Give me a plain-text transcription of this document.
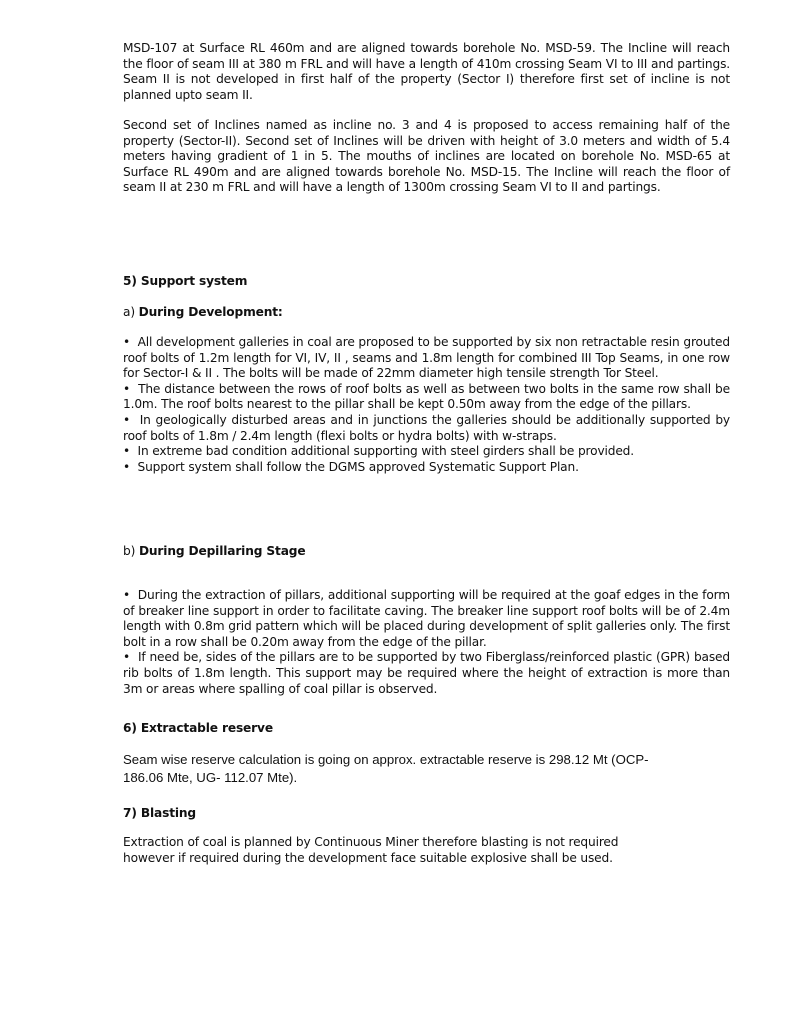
MSD-107 at Surface RL 460m and are aligned towards borehole No. MSD-59. The Incline will reach the floor of seam III at 380 m FRL and will have a length of 410m crossing Seam VI to III and partings. Seam II is not developed in first half of the property (Sector I) therefore first set of incline is not planned upto seam II.
Second set of Inclines named as incline no. 3 and 4 is proposed to access remaining half of the property (Sector-II). Second set of Inclines will be driven with height of 3.0 meters and width of 5.4 meters having gradient of 1 in 5. The mouths of inclines are located on borehole No. MSD-65 at Surface RL 490m and are aligned towards borehole No. MSD-15. The Incline will reach the floor of seam II at 230 m FRL and will have a length of 1300m crossing Seam VI to II and partings.
5) Support system
a) During Development:
•  All development galleries in coal are proposed to be supported by six non retractable resin grouted roof bolts of 1.2m length for VI, IV, II , seams and 1.8m length for combined III Top Seams, in one row for Sector-I & II . The bolts will be made of 22mm diameter high tensile strength Tor Steel.
•  The distance between the rows of roof bolts as well as between two bolts in the same row shall be 1.0m. The roof bolts nearest to the pillar shall be kept 0.50m away from the edge of the pillars.
•  In geologically disturbed areas and in junctions the galleries should be additionally supported by roof bolts of 1.8m / 2.4m length (flexi bolts or hydra bolts) with w-straps.
•  In extreme bad condition additional supporting with steel girders shall be provided.
•  Support system shall follow the DGMS approved Systematic Support Plan.
b) During Depillaring Stage
•  During the extraction of pillars, additional supporting will be required at the goaf edges in the form of breaker line support in order to facilitate caving. The breaker line support roof bolts will be of 2.4m length with 0.8m grid pattern which will be placed during development of split galleries only. The first bolt in a row shall be 0.20m away from the edge of the pillar.
•  If need be, sides of the pillars are to be supported by two Fiberglass/reinforced plastic (GPR) based rib bolts of 1.8m length. This support may be required where the height of extraction is more than 3m or areas where spalling of coal pillar is observed.
6) Extractable reserve
Seam wise reserve calculation is going on approx. extractable reserve is 298.12 Mt (OCP-
186.06 Mte, UG- 112.07 Mte).
7) Blasting
Extraction of coal is planned by Continuous Miner therefore blasting is not required
however if required during the development face suitable explosive shall be used.
